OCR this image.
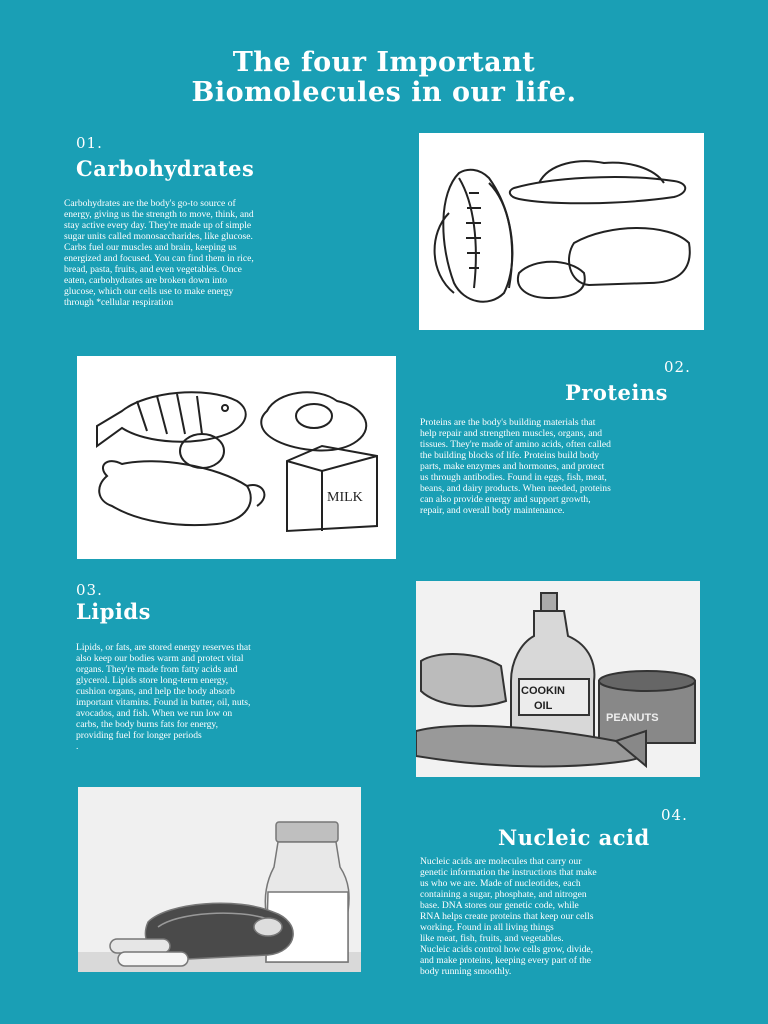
The four Important
Biomolecules in our life.
01.
Carbohydrates
Carbohydrates are the body's go-to source of
energy, giving us the strength to move, think, and
stay active every day. They're made up of simple
sugar units called monosaccharides, like glucose.
Carbs fuel our muscles and brain, keeping us
energized and focused. You can find them in rice,
bread, pasta, fruits, and even vegetables. Once
eaten, carbohydrates are broken down into
glucose, which our cells use to make energy
through *cellular respiration
MILK
02.
Proteins
Proteins are the body's building materials that
help repair and strengthen muscles, organs, and
tissues. They're made of amino acids, often called
the building blocks of life. Proteins build body
parts, make enzymes and hormones, and protect
us through antibodies. Found in eggs, fish, meat,
beans, and dairy products. When needed, proteins
can also provide energy and support growth,
repair, and overall body maintenance.
03.
Lipids
Lipids, or fats, are stored energy reserves that
also keep our bodies warm and protect vital
organs. They're made from fatty acids and
glycerol. Lipids store long-term energy,
cushion organs, and help the body absorb
important vitamins. Found in butter, oil, nuts,
avocados, and fish. When we run low on
carbs, the body burns fats for energy,
providing fuel for longer periods
.
COOKIN
OIL
PEANUTS
04.
Nucleic acid
Nucleic acids are molecules that carry our
genetic information the instructions that make
us who we are. Made of nucleotides, each
containing a sugar, phosphate, and nitrogen
base. DNA stores our genetic code, while
RNA helps create proteins that keep our cells
working. Found in all living things
like meat, fish, fruits, and vegetables.
Nucleic acids control how cells grow, divide,
and make proteins, keeping every part of the
body running smoothly.
